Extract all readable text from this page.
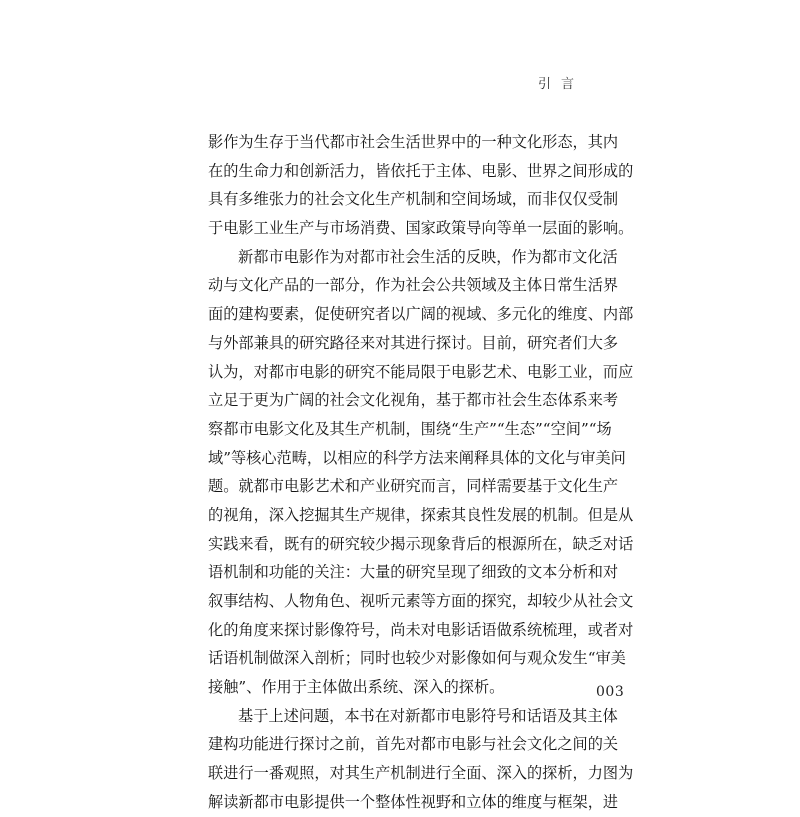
引言
影作为生存于当代都市社会生活世界中的一种文化形态，其内
在的生命力和创新活力，皆依托于主体、电影、世界之间形成的
具有多维张力的社会文化生产机制和空间场域，而非仅仅受制
于电影工业生产与市场消费、国家政策导向等单一层面的影响。
新都市电影作为对都市社会生活的反映，作为都市文化活
动与文化产品的一部分，作为社会公共领域及主体日常生活界
面的建构要素，促使研究者以广阔的视域、多元化的维度、内部
与外部兼具的研究路径来对其进行探讨。目前，研究者们大多
认为，对都市电影的研究不能局限于电影艺术、电影工业，而应
立足于更为广阔的社会文化视角，基于都市社会生态体系来考
察都市电影文化及其生产机制，围绕“生产”“生态”“空间”“场
域”等核心范畴，以相应的科学方法来阐释具体的文化与审美问
题。就都市电影艺术和产业研究而言，同样需要基于文化生产
的视角，深入挖掘其生产规律，探索其良性发展的机制。但是从
实践来看，既有的研究较少揭示现象背后的根源所在，缺乏对话
语机制和功能的关注：大量的研究呈现了细致的文本分析和对
叙事结构、人物角色、视听元素等方面的探究，却较少从社会文
化的角度来探讨影像符号，尚未对电影话语做系统梳理，或者对
话语机制做深入剖析；同时也较少对影像如何与观众发生“审美
接触”、作用于主体做出系统、深入的探析。
基于上述问题，本书在对新都市电影符号和话语及其主体
建构功能进行探讨之前，首先对都市电影与社会文化之间的关
联进行一番观照，对其生产机制进行全面、深入的探析，力图为
解读新都市电影提供一个整体性视野和立体的维度与框架，进
003
